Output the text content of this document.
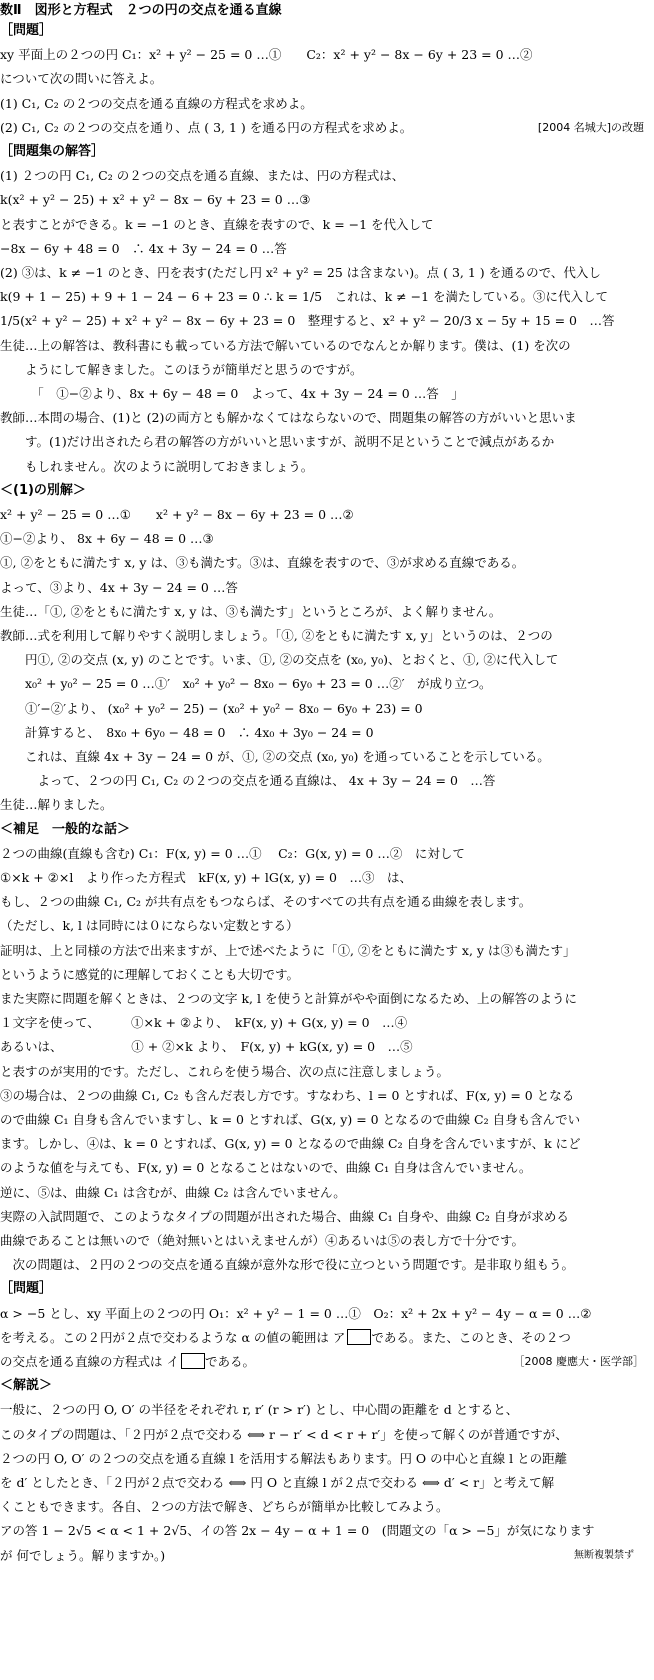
数Ⅱ　図形と方程式　２つの円の交点を通る直線
［問題］
xy 平面上の２つの円 C₁：x² + y² − 25 = 0 …①　　C₂：x² + y² − 8x − 6y + 23 = 0 …②
について次の問いに答えよ。
(1) C₁, C₂ の２つの交点を通る直線の方程式を求めよ。
(2) C₁, C₂ の２つの交点を通り、点 ( 3, 1 ) を通る円の方程式を求めよ。	[2004 名城大]の改題
［問題集の解答］
(1) ２つの円 C₁, C₂ の２つの交点を通る直線、または、円の方程式は、
k(x² + y² − 25) + x² + y² − 8x − 6y + 23 = 0 …③
と表すことができる。k = −1 のとき、直線を表すので、k = −1 を代入して
−8x − 6y + 48 = 0　∴ 4x + 3y − 24 = 0 …答
(2) ③は、k ≠ −1 のとき、円を表す(ただし円 x² + y² = 25 は含まない)。点 ( 3, 1 ) を通るので、代入し
k(9 + 1 − 25) + 9 + 1 − 24 − 6 + 23 = 0 ∴ k = 1/5　これは、k ≠ −1 を満たしている。③に代入して
1/5(x² + y² − 25) + x² + y² − 8x − 6y + 23 = 0　整理すると、x² + y² − 20/3 x − 5y + 15 = 0　…答
生徒…上の解答は、教科書にも載っている方法で解いているのでなんとか解ります。僕は、(1) を次の
　　ようにして解きました。このほうが簡単だと思うのですが。
　　　「　①−②より、8x + 6y − 48 = 0　よって、4x + 3y − 24 = 0 …答　」
教師…本問の場合、(1)と (2)の両方とも解かなくてはならないので、問題集の解答の方がいいと思いま
　　す。(1)だけ出されたら君の解答の方がいいと思いますが、説明不足ということで減点があるか
　　もしれません。次のように説明しておきましょう。
＜(1)の別解＞
x² + y² − 25 = 0 …①　　x² + y² − 8x − 6y + 23 = 0 …②
①−②より、 8x + 6y − 48 = 0 …③
①, ②をともに満たす x, y は、③も満たす。③は、直線を表すので、③が求める直線である。
よって、③より、4x + 3y − 24 = 0 …答
生徒…「①, ②をともに満たす x, y は、③も満たす」というところが、よく解りません。
教師…式を利用して解りやすく説明しましょう。「①, ②をともに満たす x, y」というのは、２つの
　　円①, ②の交点 (x, y) のことです。いま、①, ②の交点を (x₀, y₀)、とおくと、①, ②に代入して
　　x₀² + y₀² − 25 = 0 …①′　x₀² + y₀² − 8x₀ − 6y₀ + 23 = 0 …②′　が成り立つ。
　　①′−②′より、 (x₀² + y₀² − 25) − (x₀² + y₀² − 8x₀ − 6y₀ + 23) = 0
　　計算すると、　8x₀ + 6y₀ − 48 = 0　∴ 4x₀ + 3y₀ − 24 = 0
　　これは、直線 4x + 3y − 24 = 0 が、①, ②の交点 (x₀, y₀) を通っていることを示している。
　　　よって、２つの円 C₁, C₂ の２つの交点を通る直線は、 4x + 3y − 24 = 0　…答
生徒…解りました。
＜補足　一般的な話＞
２つの曲線(直線も含む) C₁：F(x, y) = 0 …①　 C₂：G(x, y) = 0 …②　に対して
①×k + ②×l　より作った方程式　kF(x, y) + lG(x, y) = 0　…③　は、
もし、２つの曲線 C₁, C₂ が共有点をもつならば、そのすべての共有点を通る曲線を表します。
（ただし、k, l は同時には０にならない定数とする）
証明は、上と同様の方法で出来ますが、上で述べたように「①, ②をともに満たす x, y は③も満たす」
というように感覚的に理解しておくことも大切です。
また実際に問題を解くときは、２つの文字 k, l を使うと計算がやや面倒になるため、上の解答のように
１文字を使って、　　　①×k + ②より、　kF(x, y) + G(x, y) = 0　…④
あるいは、　　　　　　① + ②×k より、　F(x, y) + kG(x, y) = 0　…⑤
と表すのが実用的です。ただし、これらを使う場合、次の点に注意しましょう。
③の場合は、２つの曲線 C₁, C₂ も含んだ表し方です。すなわち、l = 0 とすれば、F(x, y) = 0 となる
ので曲線 C₁ 自身も含んでいますし、k = 0 とすれば、G(x, y) = 0 となるので曲線 C₂ 自身も含んでい
ます。しかし、④は、k = 0 とすれば、G(x, y) = 0 となるので曲線 C₂ 自身を含んでいますが、k にど
のような値を与えても、F(x, y) = 0 となることはないので、曲線 C₁ 自身は含んでいません。
逆に、⑤は、曲線 C₁ は含むが、曲線 C₂ は含んでいません。
実際の入試問題で、このようなタイプの問題が出された場合、曲線 C₁ 自身や、曲線 C₂ 自身が求める
曲線であることは無いので（絶対無いとはいえませんが）④あるいは⑤の表し方で十分です。
　次の問題は、２円の２つの交点を通る直線が意外な形で役に立つという問題です。是非取り組もう。
［問題］
α > −5 とし、xy 平面上の２つの円 O₁：x² + y² − 1 = 0 …①　O₂：x² + 2x + y² − 4y − α = 0 …②
を考える。この２円が２点で交わるような α の値の範囲は ア である。また、このとき、その２つ
の交点を通る直線の方程式は イ である。	［2008 慶應大・医学部］
＜解説＞
一般に、２つの円 O, O′ の半径をそれぞれ r, r′ (r > r′) とし、中心間の距離を d とすると、
このタイプの問題は、「２円が２点で交わる ⟺ r − r′ < d < r + r′」を使って解くのが普通ですが、
２つの円 O, O′ の２つの交点を通る直線 l を活用する解法もあります。円 O の中心と直線 l との距離
を d′ としたとき、「２円が２点で交わる ⟺ 円 O と直線 l が２点で交わる ⟺ d′ < r」と考えて解
くこともできます。各自、２つの方法で解き、どちらが簡単か比較してみよう。
アの答 1 − 2√5 < α < 1 + 2√5、イの答 2x − 4y − α + 1 = 0　(問題文の「α > −5」が気になります
が 何でしょう。解りますか。)	無断複製禁ず
